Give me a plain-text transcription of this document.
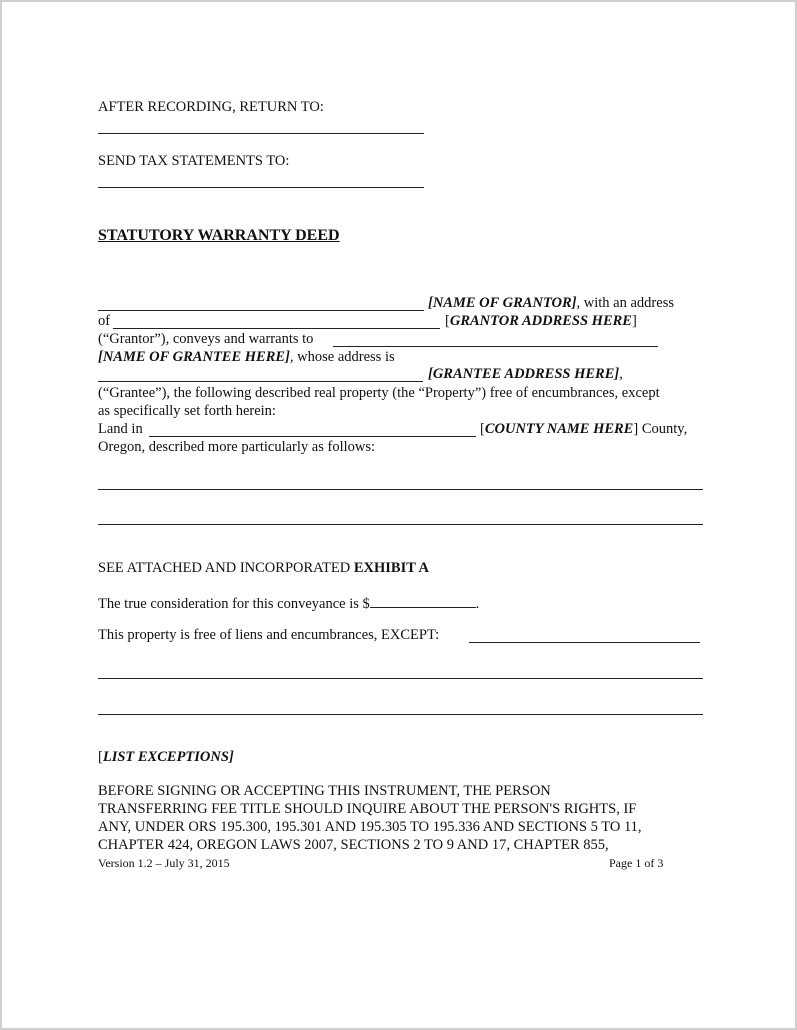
AFTER RECORDING, RETURN TO:
SEND TAX STATEMENTS TO:
STATUTORY WARRANTY DEED
[NAME OF GRANTOR], with an address
of	[GRANTOR ADDRESS HERE]
(“Grantor”), conveys and warrants to
[NAME OF GRANTEE HERE], whose address is
[GRANTEE ADDRESS HERE],
(“Grantee”), the following described real property (the “Property”) free of encumbrances, except
as specifically set forth herein:
Land in	[COUNTY NAME HERE] County,
Oregon, described more particularly as follows:
SEE ATTACHED AND INCORPORATED EXHIBIT A
The true consideration for this conveyance is $	.
This property is free of liens and encumbrances, EXCEPT:
[LIST EXCEPTIONS]
BEFORE SIGNING OR ACCEPTING THIS INSTRUMENT, THE PERSON
TRANSFERRING FEE TITLE SHOULD INQUIRE ABOUT THE PERSON'S RIGHTS, IF
ANY, UNDER ORS 195.300, 195.301 AND 195.305 TO 195.336 AND SECTIONS 5 TO 11,
CHAPTER 424, OREGON LAWS 2007, SECTIONS 2 TO 9 AND 17, CHAPTER 855,
Version 1.2 – July 31, 2015	Page 1 of 3
